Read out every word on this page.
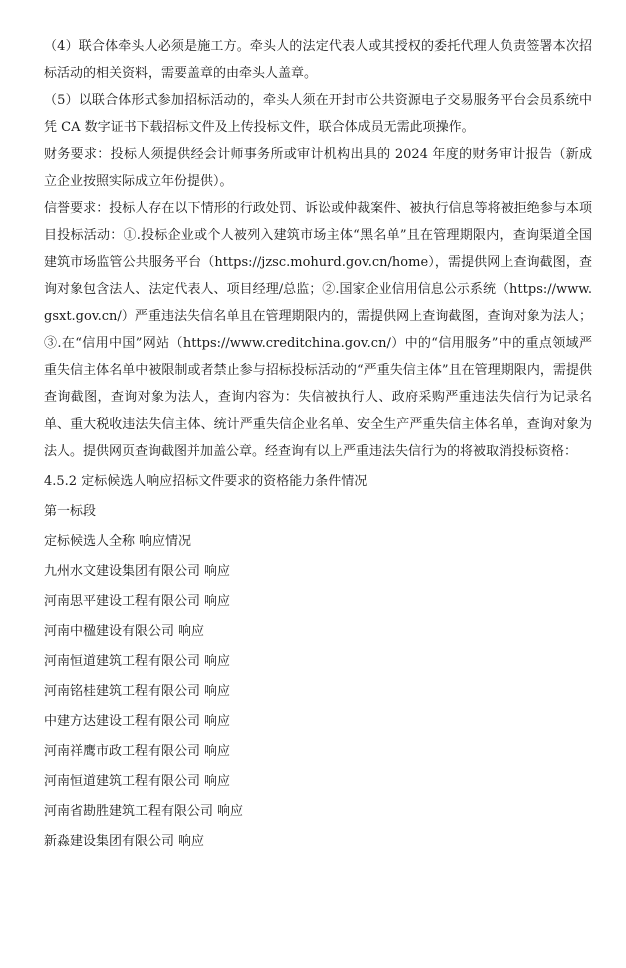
（4）联合体牵头人必须是施工方。牵头人的法定代表人或其授权的委托代理人负责签署本次招标活动的相关资料，需要盖章的由牵头人盖章。

（5）以联合体形式参加招标活动的，牵头人须在开封市公共资源电子交易服务平台会员系统中凭 CA 数字证书下载招标文件及上传投标文件，联合体成员无需此项操作。

财务要求：投标人须提供经会计师事务所或审计机构出具的 2024 年度的财务审计报告（新成立企业按照实际成立年份提供）。

信誉要求：投标人存在以下情形的行政处罚、诉讼或仲裁案件、被执行信息等将被拒绝参与本项目投标活动：①.投标企业或个人被列入建筑市场主体“黑名单”且在管理期限内，查询渠道全国建筑市场监管公共服务平台（https://jzsc.mohurd.gov.cn/home），需提供网上查询截图，查询对象包含法人、法定代表人、项目经理/总监；②.国家企业信用信息公示系统（https://www.gsxt.gov.cn/）严重违法失信名单且在管理期限内的，需提供网上查询截图，查询对象为法人；③.在“信用中国”网站（https://www.creditchina.gov.cn/）中的“信用服务”中的重点领域严重失信主体名单中被限制或者禁止参与招标投标活动的“严重失信主体”且在管理期限内，需提供查询截图，查询对象为法人，查询内容为：失信被执行人、政府采购严重违法失信行为记录名单、重大税收违法失信主体、统计严重失信企业名单、安全生产严重失信主体名单，查询对象为法人。提供网页查询截图并加盖公章。经查询有以上严重违法失信行为的将被取消投标资格：

4.5.2 定标候选人响应招标文件要求的资格能力条件情况

第一标段

定标候选人全称 响应情况

九州水文建设集团有限公司 响应
河南思平建设工程有限公司 响应
河南中楹建设有限公司 响应
河南恒道建筑工程有限公司 响应
河南铭桂建筑工程有限公司 响应
中建方达建设工程有限公司 响应
河南祥鹰市政工程有限公司 响应
河南恒道建筑工程有限公司 响应
河南省勘胜建筑工程有限公司 响应
新淼建设集团有限公司 响应
